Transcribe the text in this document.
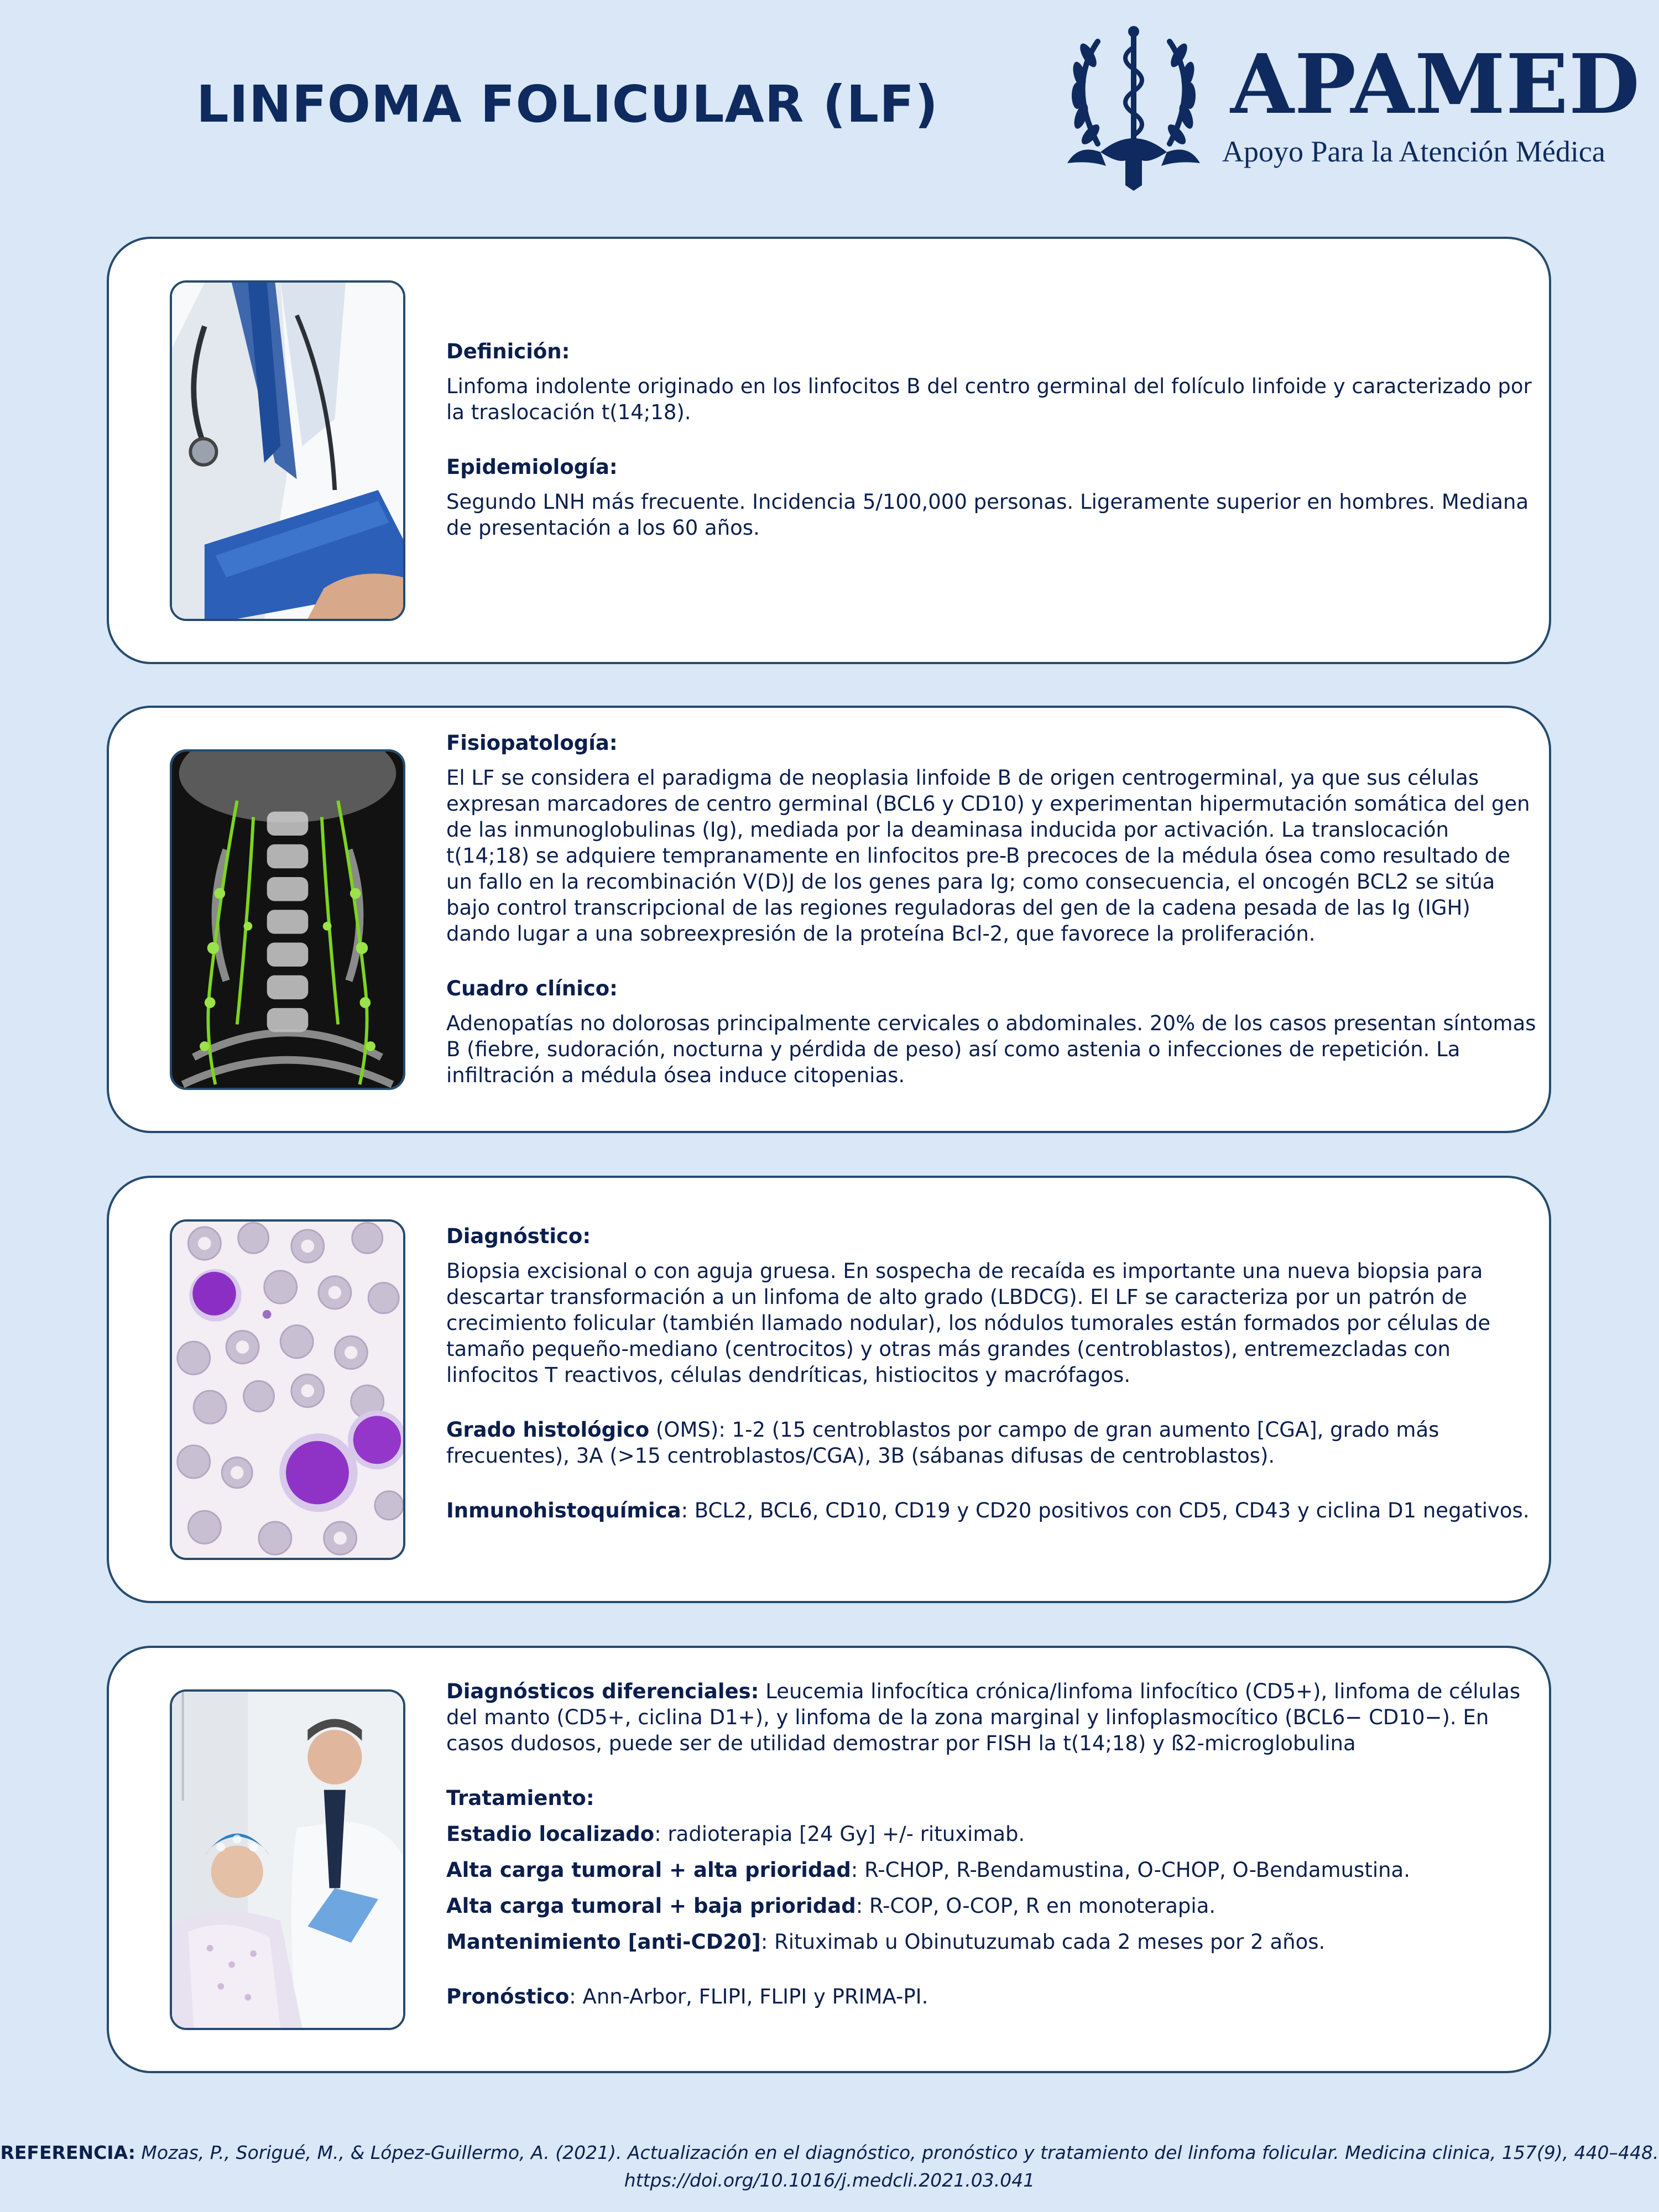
LINFOMA FOLICULAR (LF)	APAMED
Apoyo Para la Atención Médica
Definición:

Linfoma indolente originado en los linfocitos B del centro germinal del folículo linfoide y caracterizado por la traslocación t(14;18).

Epidemiología:

Segundo LNH más frecuente. Incidencia 5/100,000 personas. Ligeramente superior en hombres. Mediana de presentación a los 60 años.

Fisiopatología:

El LF se considera el paradigma de neoplasia linfoide B de origen centrogerminal, ya que sus células expresan marcadores de centro germinal (BCL6 y CD10) y experimentan hipermutación somática del gen de las inmunoglobulinas (Ig), mediada por la deaminasa inducida por activación. La translocación t(14;18) se adquiere tempranamente en linfocitos pre-B precoces de la médula ósea como resultado de un fallo en la recombinación V(D)J de los genes para Ig; como consecuencia, el oncogén BCL2 se sitúa bajo control transcripcional de las regiones reguladoras del gen de la cadena pesada de las Ig (IGH) dando lugar a una sobreexpresión de la proteína Bcl-2, que favorece la proliferación.

Cuadro clínico:

Adenopatías no dolorosas principalmente cervicales o abdominales. 20% de los casos presentan síntomas B (fiebre, sudoración, nocturna y pérdida de peso) así como astenia o infecciones de repetición. La infiltración a médula ósea induce citopenias.

Diagnóstico:

Biopsia excisional o con aguja gruesa. En sospecha de recaída es importante una nueva biopsia para descartar transformación a un linfoma de alto grado (LBDCG). El LF se caracteriza por un patrón de crecimiento folicular (también llamado nodular), los nódulos tumorales están formados por células de tamaño pequeño-mediano (centrocitos) y otras más grandes (centroblastos), entremezcladas con linfocitos T reactivos, células dendríticas, histiocitos y macrófagos.

Grado histológico (OMS): 1-2 (15 centroblastos por campo de gran aumento [CGA], grado más frecuentes), 3A (>15 centroblastos/CGA), 3B (sábanas difusas de centroblastos).

Inmunohistoquímica: BCL2, BCL6, CD10, CD19 y CD20 positivos con CD5, CD43 y ciclina D1 negativos.

Diagnósticos diferenciales: Leucemia linfocítica crónica/linfoma linfocítico (CD5+), linfoma de células del manto (CD5+, ciclina D1+), y linfoma de la zona marginal y linfoplasmocítico (BCL6− CD10−). En casos dudosos, puede ser de utilidad demostrar por FISH la t(14;18) y ß2-microglobulina

Tratamiento:

Estadio localizado: radioterapia [24 Gy] +/- rituximab.

Alta carga tumoral + alta prioridad: R-CHOP, R-Bendamustina, O-CHOP, O-Bendamustina.

Alta carga tumoral + baja prioridad: R-COP, O-COP, R en monoterapia.

Mantenimiento [anti-CD20]: Rituximab u Obinutuzumab cada 2 meses por 2 años.

Pronóstico: Ann-Arbor, FLIPI, FLIPI y PRIMA-PI.

REFERENCIA: Mozas, P., Sorigué, M., & López-Guillermo, A. (2021). Actualización en el diagnóstico, pronóstico y tratamiento del linfoma folicular. Medicina clinica, 157(9), 440–448.
https://doi.org/10.1016/j.medcli.2021.03.041
